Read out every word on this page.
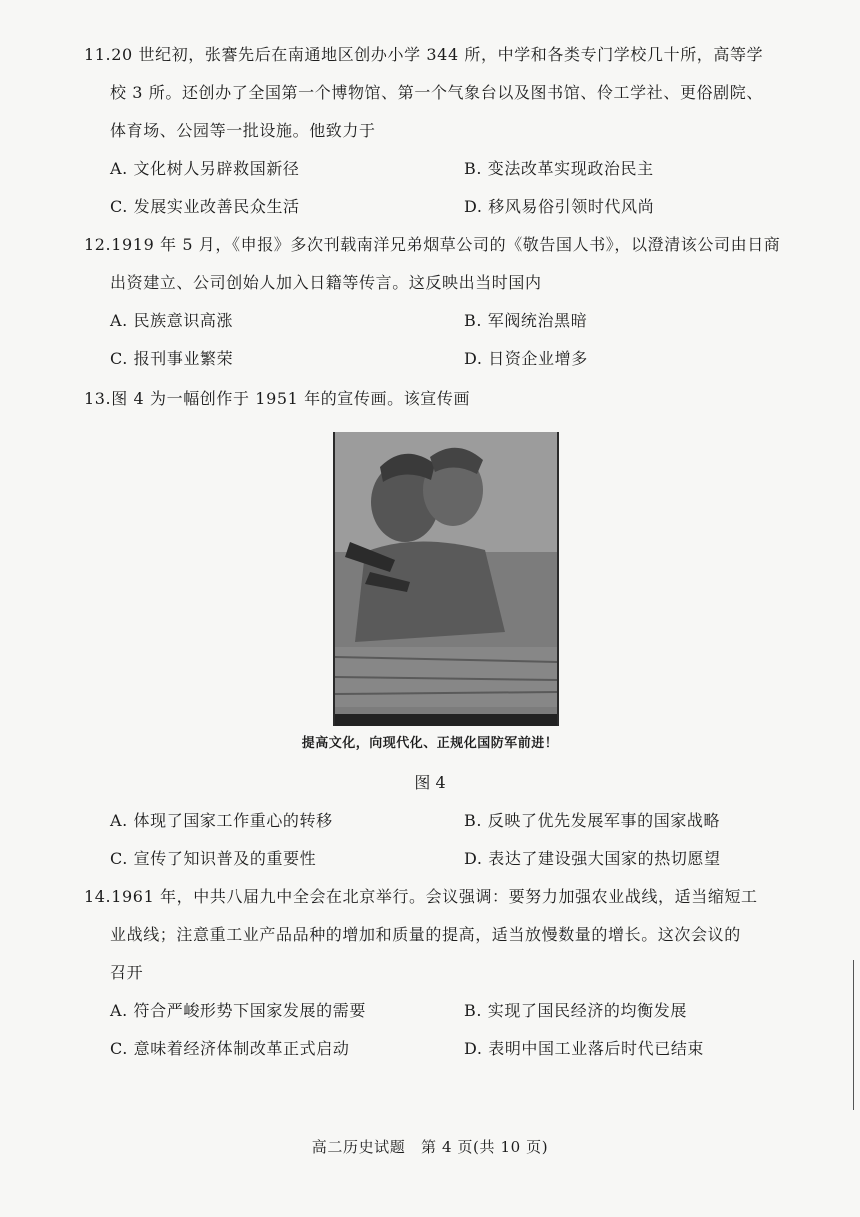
11.20 世纪初，张謇先后在南通地区创办小学 344 所，中学和各类专门学校几十所，高等学

校 3 所。还创办了全国第一个博物馆、第一个气象台以及图书馆、伶工学社、更俗剧院、

体育场、公园等一批设施。他致力于

A. 文化树人另辟救国新径	B. 变法改革实现政治民主
C. 发展实业改善民众生活	D. 移风易俗引领时代风尚

12.1919 年 5 月，《申报》多次刊载南洋兄弟烟草公司的《敬告国人书》，以澄清该公司由日商

出资建立、公司创始人加入日籍等传言。这反映出当时国内

A. 民族意识高涨	B. 军阀统治黑暗
C. 报刊事业繁荣	D. 日资企业增多

13.图 4 为一幅创作于 1951 年的宣传画。该宣传画

提高文化，向现代化、正规化国防军前进！
图 4
A. 体现了国家工作重心的转移	B. 反映了优先发展军事的国家战略
C. 宣传了知识普及的重要性	D. 表达了建设强大国家的热切愿望

14.1961 年，中共八届九中全会在北京举行。会议强调：要努力加强农业战线，适当缩短工

业战线；注意重工业产品品种的增加和质量的提高，适当放慢数量的增长。这次会议的

召开

A. 符合严峻形势下国家发展的需要	B. 实现了国民经济的均衡发展
C. 意味着经济体制改革正式启动	D. 表明中国工业落后时代已结束
高二历史试题　第 4 页(共 10 页)
